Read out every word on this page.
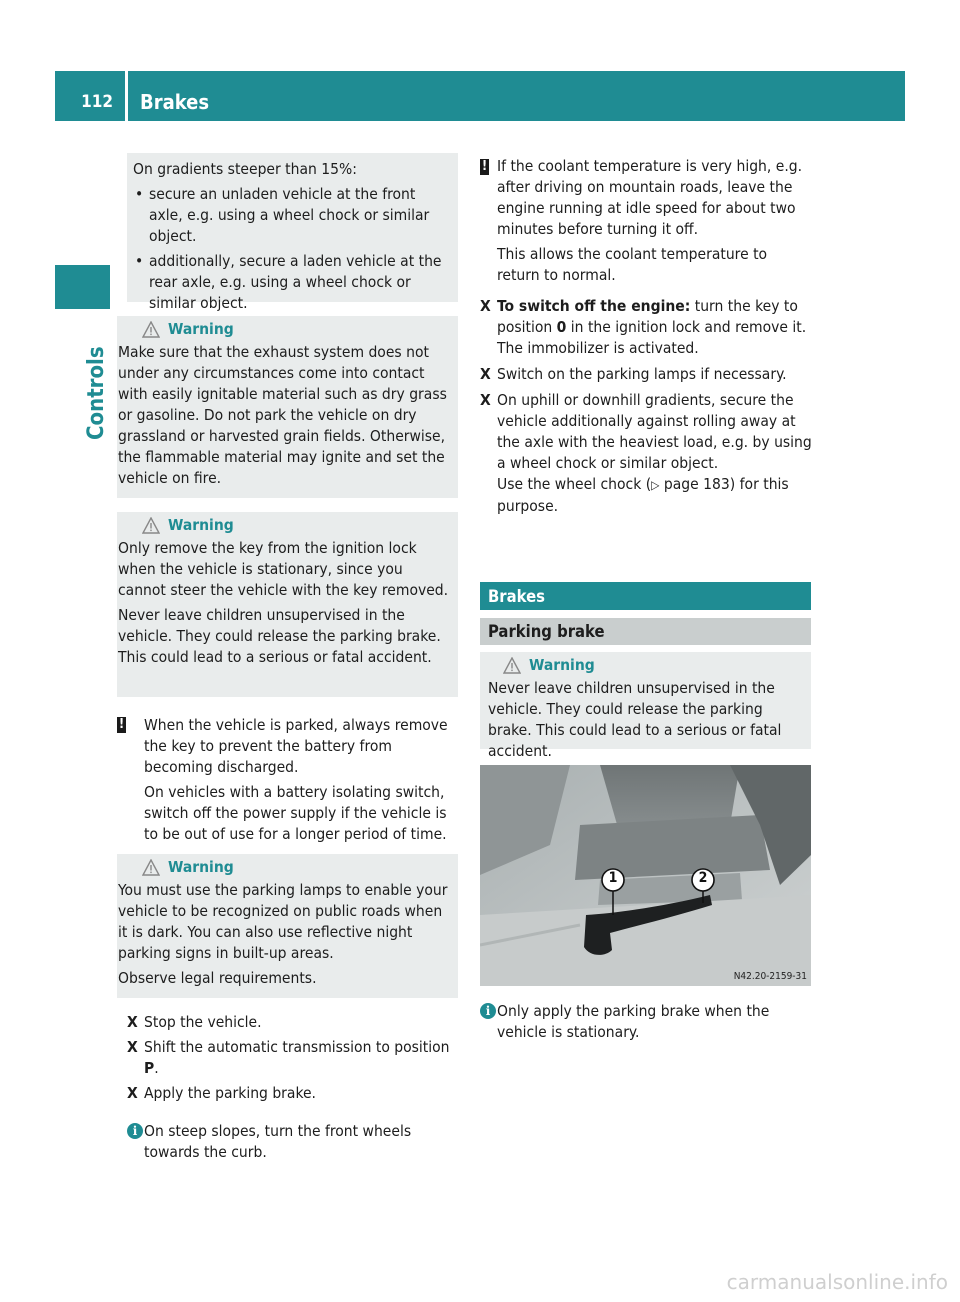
112 Brakes
Controls

On gradients steeper than 15%:

• secure an unladen vehicle at the front axle, e.g. using a wheel chock or similar object.

• additionally, secure a laden vehicle at the rear axle, e.g. using a wheel chock or similar object.

Warning

Make sure that the exhaust system does not under any circumstances come into contact with easily ignitable material such as dry grass or gasoline. Do not park the vehicle on dry grassland or harvested grain fields. Otherwise, the flammable material may ignite and set the vehicle on fire.

Warning

Only remove the key from the ignition lock when the vehicle is stationary, since you cannot steer the vehicle with the key removed.

Never leave children unsupervised in the vehicle. They could release the parking brake. This could lead to a serious or fatal accident.

! When the vehicle is parked, always remove the key to prevent the battery from becoming discharged.

On vehicles with a battery isolating switch, switch off the power supply if the vehicle is to be out of use for a longer period of time.

Warning

You must use the parking lamps to enable your vehicle to be recognized on public roads when it is dark. You can also use reflective night parking signs in built-up areas.

Observe legal requirements.

X Stop the vehicle.

X Shift the automatic transmission to position P.

X Apply the parking brake.

i On steep slopes, turn the front wheels towards the curb.

! If the coolant temperature is very high, e.g. after driving on mountain roads, leave the engine running at idle speed for about two minutes before turning it off.

This allows the coolant temperature to return to normal.

X To switch off the engine: turn the key to position 0 in the ignition lock and remove it.

The immobilizer is activated.

X Switch on the parking lamps if necessary.

X On uphill or downhill gradients, secure the vehicle additionally against rolling away at the axle with the heaviest load, e.g. by using a wheel chock or similar object.

Use the wheel chock (▷ page 183) for this purpose.

Brakes
Parking brake
Warning

Never leave children unsupervised in the vehicle. They could release the parking brake. This could lead to a serious or fatal accident.

1	2
N42.20-2159-31
i Only apply the parking brake when the vehicle is stationary.

carmanualsonline.info
